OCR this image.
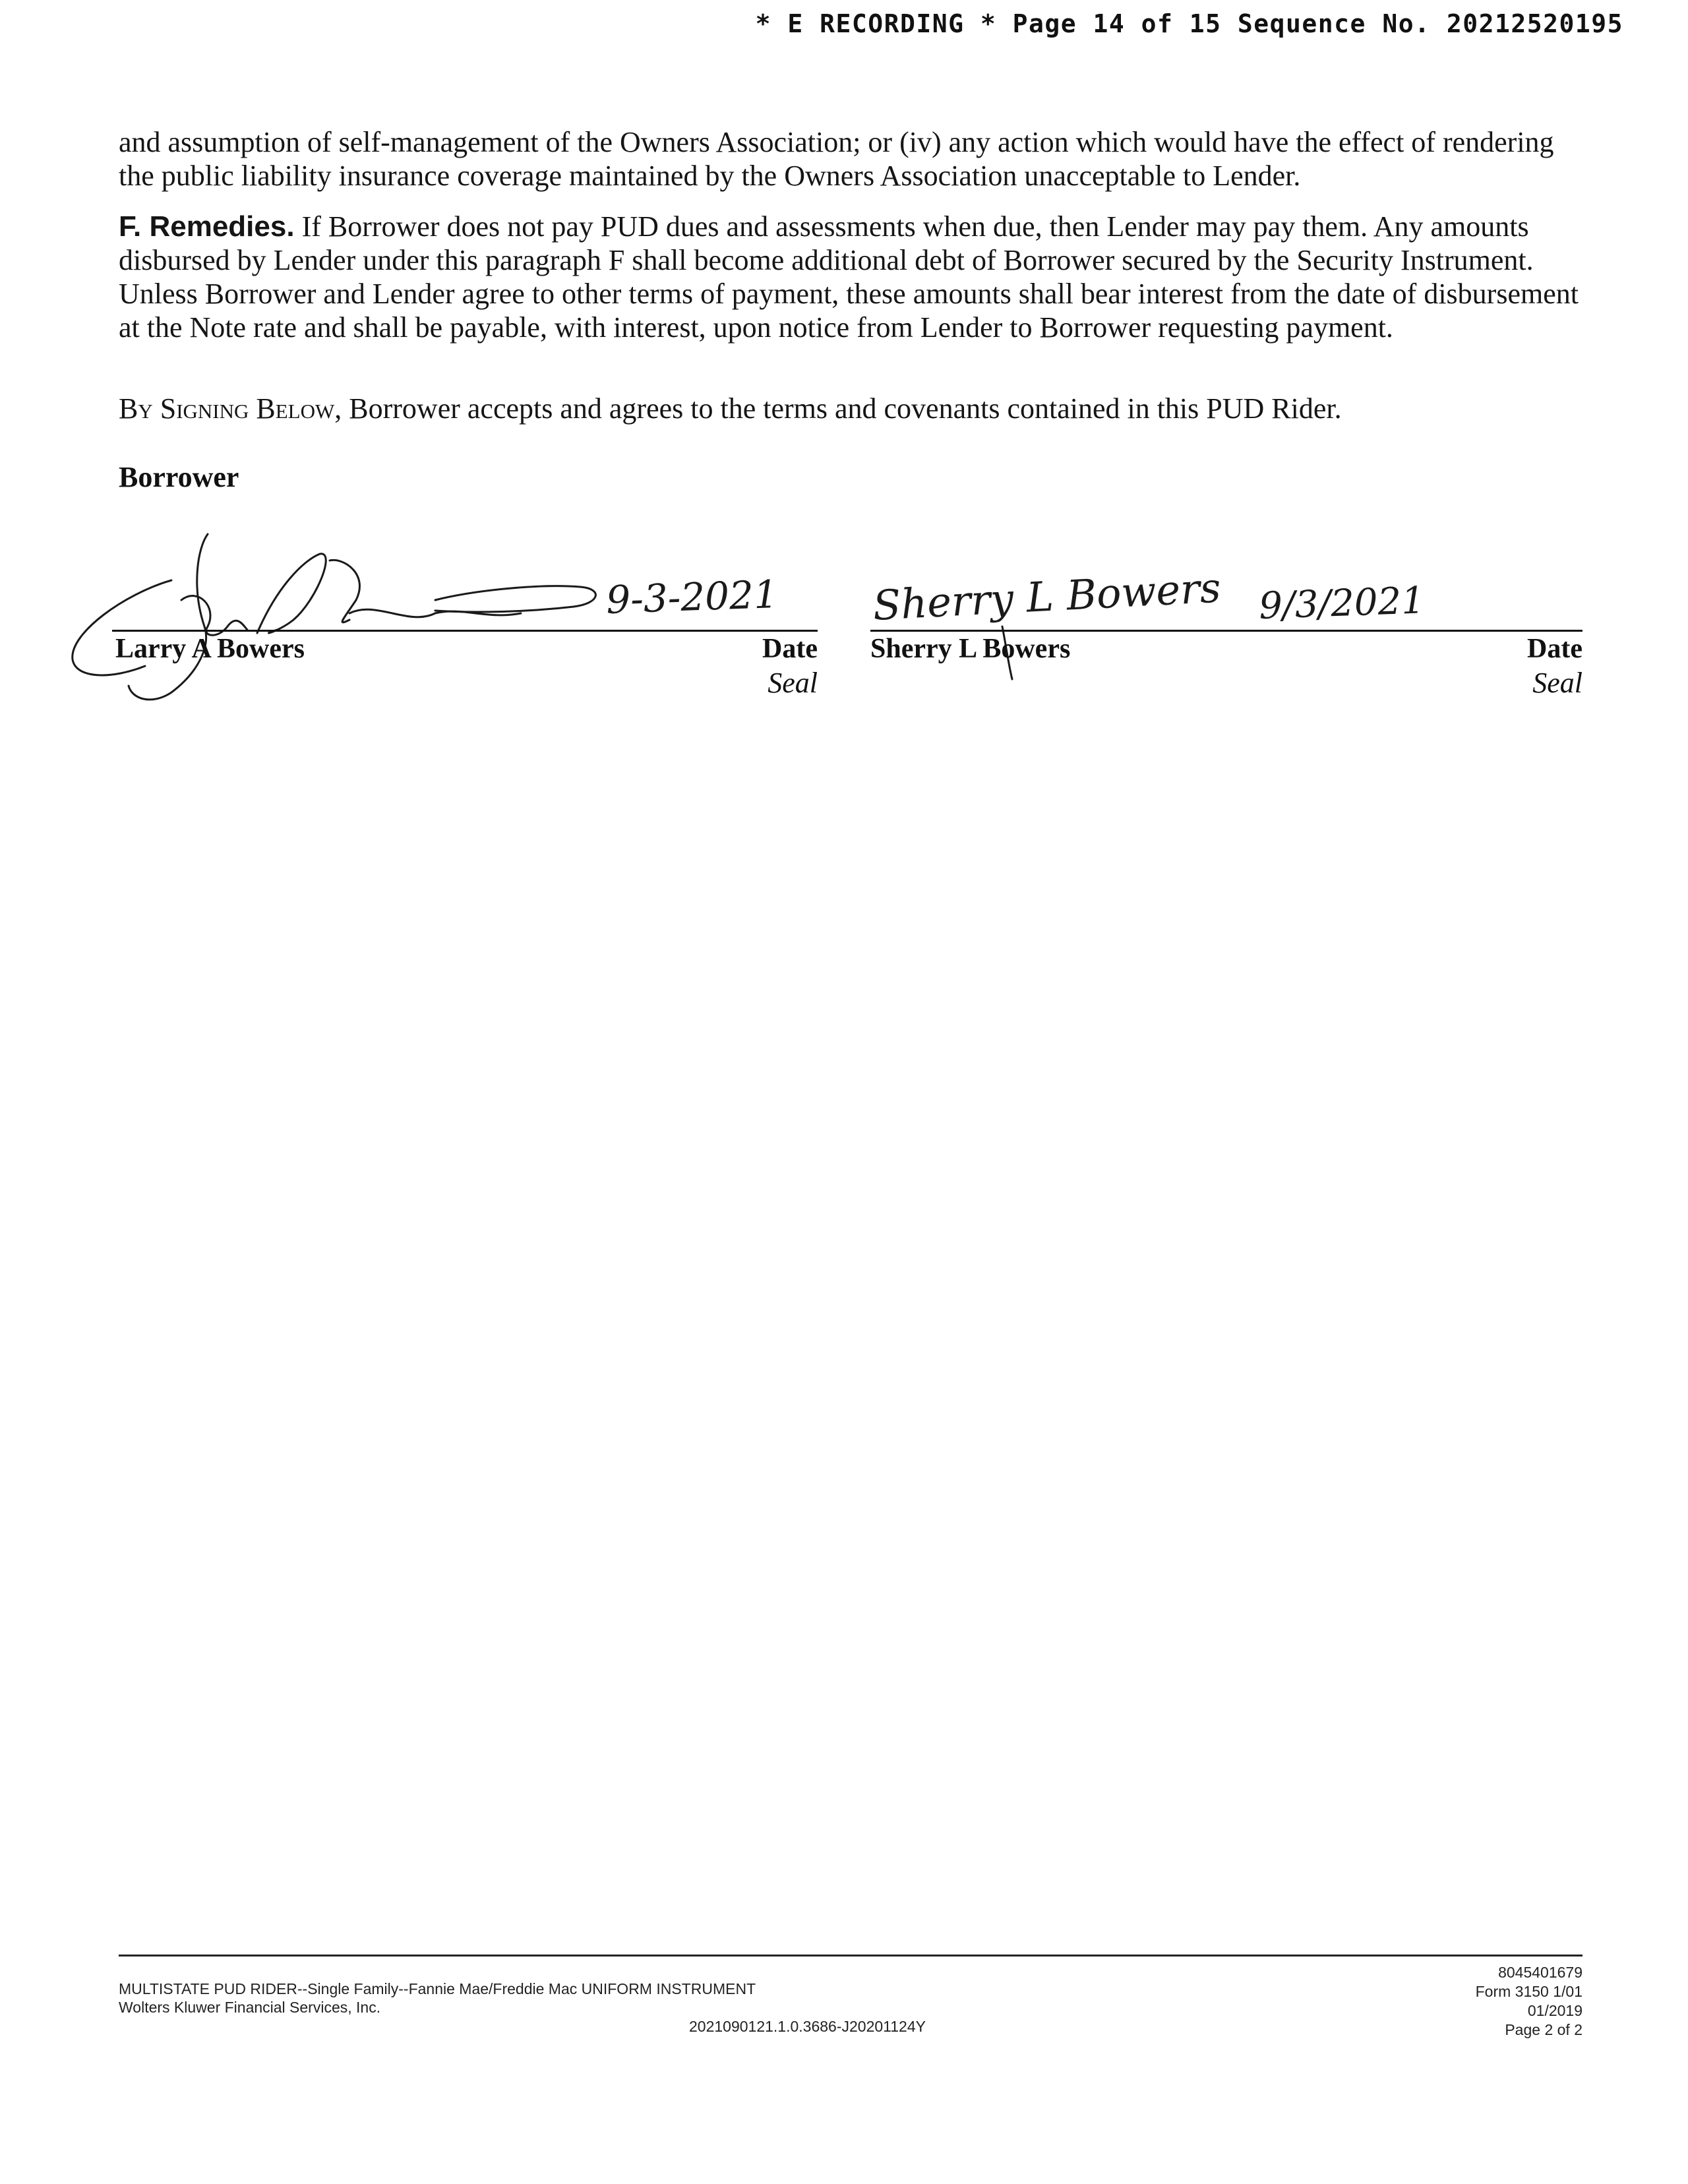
* E RECORDING * Page 14 of 15 Sequence No. 20212520195

and assumption of self-management of the Owners Association; or (iv) any action which would have the effect of rendering the public liability insurance coverage maintained by the Owners Association unacceptable to Lender.

F. Remedies. If Borrower does not pay PUD dues and assessments when due, then Lender may pay them. Any amounts disbursed by Lender under this paragraph F shall become additional debt of Borrower secured by the Security Instrument. Unless Borrower and Lender agree to other terms of payment, these amounts shall bear interest from the date of disbursement at the Note rate and shall be payable, with interest, upon notice from Lender to Borrower requesting payment.

By Signing Below, Borrower accepts and agrees to the terms and covenants contained in this PUD Rider.

Borrower
9-3-2021
Larry A Bowers	Date
Seal
Sherry L Bowers 9/3/2021
Sherry L Bowers	Date
Seal
MULTISTATE PUD RIDER--Single Family--Fannie Mae/Freddie Mac UNIFORM INSTRUMENT
Wolters Kluwer Financial Services, Inc.
2021090121.1.0.3686-J20201124Y
8045401679
Form 3150 1/01
01/2019
Page 2 of 2
